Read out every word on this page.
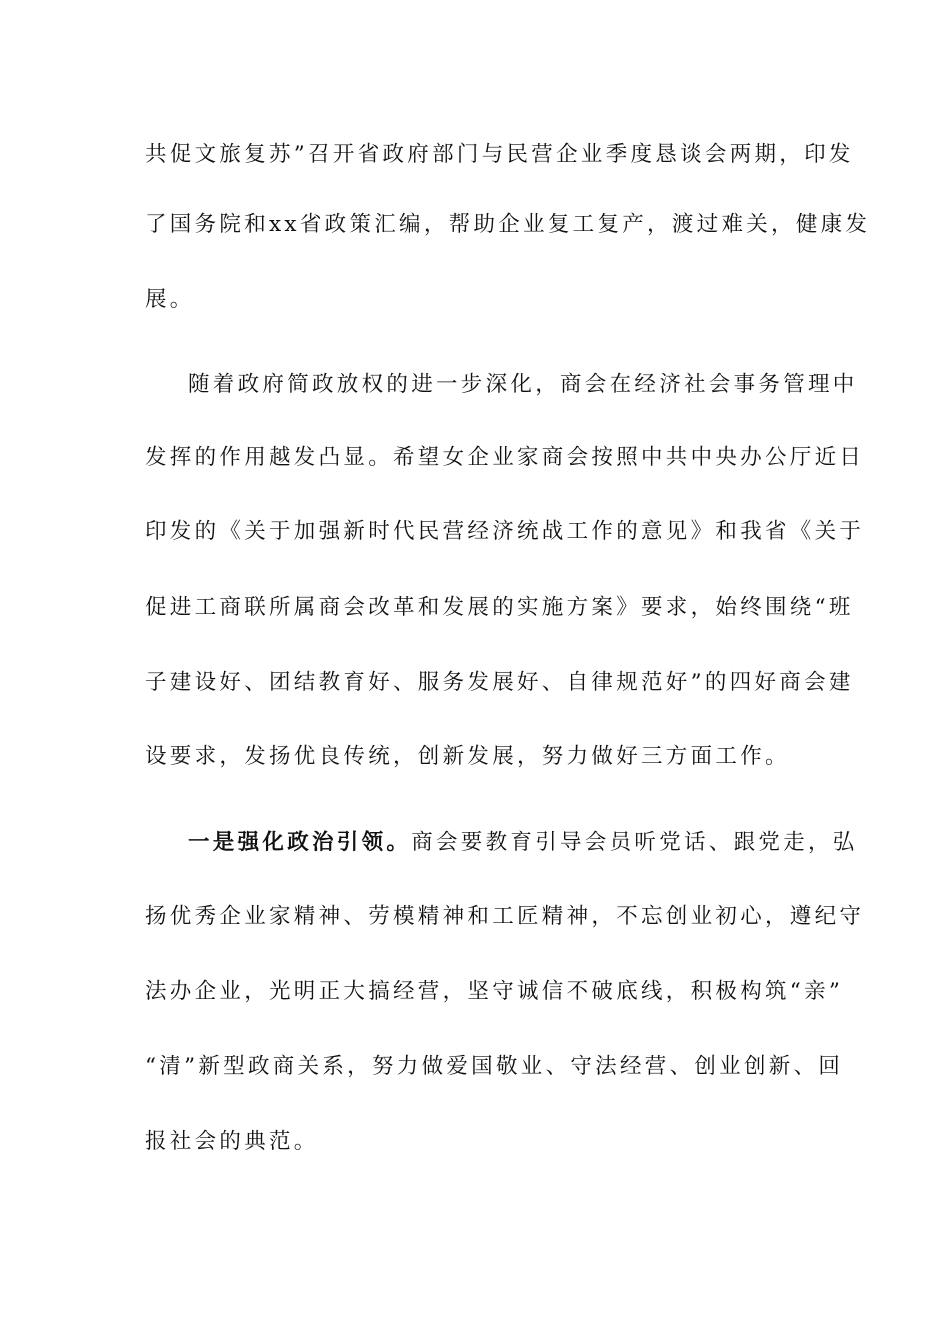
共促文旅复苏”召开省政府部门与民营企业季度恳谈会两期，印发
了国务院和xx省政策汇编，帮助企业复工复产，渡过难关，健康发
展。
随着政府简政放权的进一步深化，商会在经济社会事务管理中
发挥的作用越发凸显。希望女企业家商会按照中共中央办公厅近日
印发的《关于加强新时代民营经济统战工作的意见》和我省《关于
促进工商联所属商会改革和发展的实施方案》要求，始终围绕“班
子建设好、团结教育好、服务发展好、自律规范好”的四好商会建
设要求，发扬优良传统，创新发展，努力做好三方面工作。
一是强化政治引领。商会要教育引导会员听党话、跟党走，弘
扬优秀企业家精神、劳模精神和工匠精神，不忘创业初心，遵纪守
法办企业，光明正大搞经营，坚守诚信不破底线，积极构筑“亲”
“清”新型政商关系，努力做爱国敬业、守法经营、创业创新、回
报社会的典范。
